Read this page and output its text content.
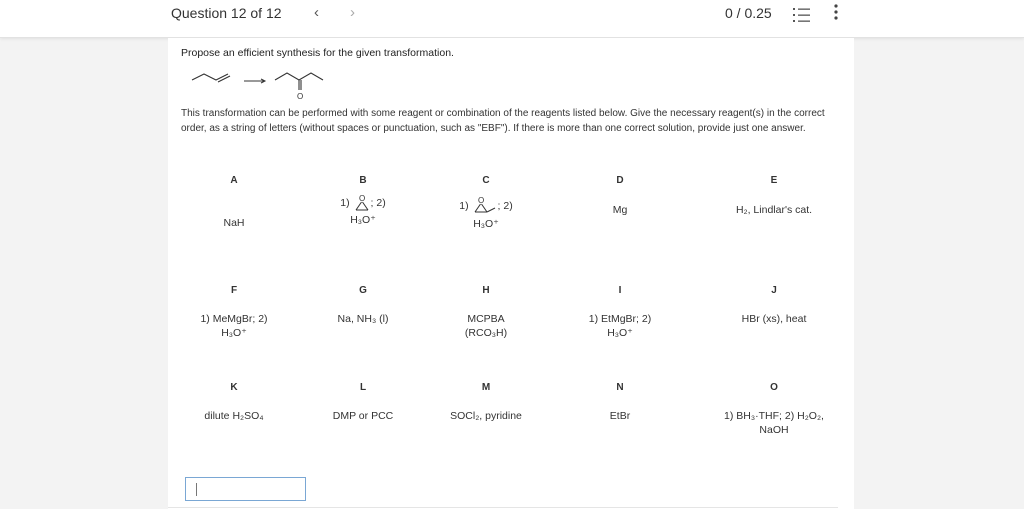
Question 12 of 12 ‹ ›	0 / 0.25
Propose an efficient synthesis for the given transformation.
O
This transformation can be performed with some reagent or combination of the reagents listed below. Give the necessary reagent(s) in the correct order, as a string of letters (without spaces or punctuation, such as "EBF"). If there is more than one correct solution, provide just one answer.
A
NaH
B
1) O ; 2)
H₃O⁺
C
1) O ; 2)
H₃O⁺
D
Mg
E
H₂, Lindlar's cat.
F
1) MeMgBr; 2)
H₃O⁺
G
Na, NH₃ (l)
H
MCPBA
(RCO₃H)
I
1) EtMgBr; 2)
H₃O⁺
J
HBr (xs), heat
K
dilute H₂SO₄
L
DMP or PCC
M
SOCl₂, pyridine
N
EtBr
O
1) BH₃·THF; 2) H₂O₂,
NaOH
